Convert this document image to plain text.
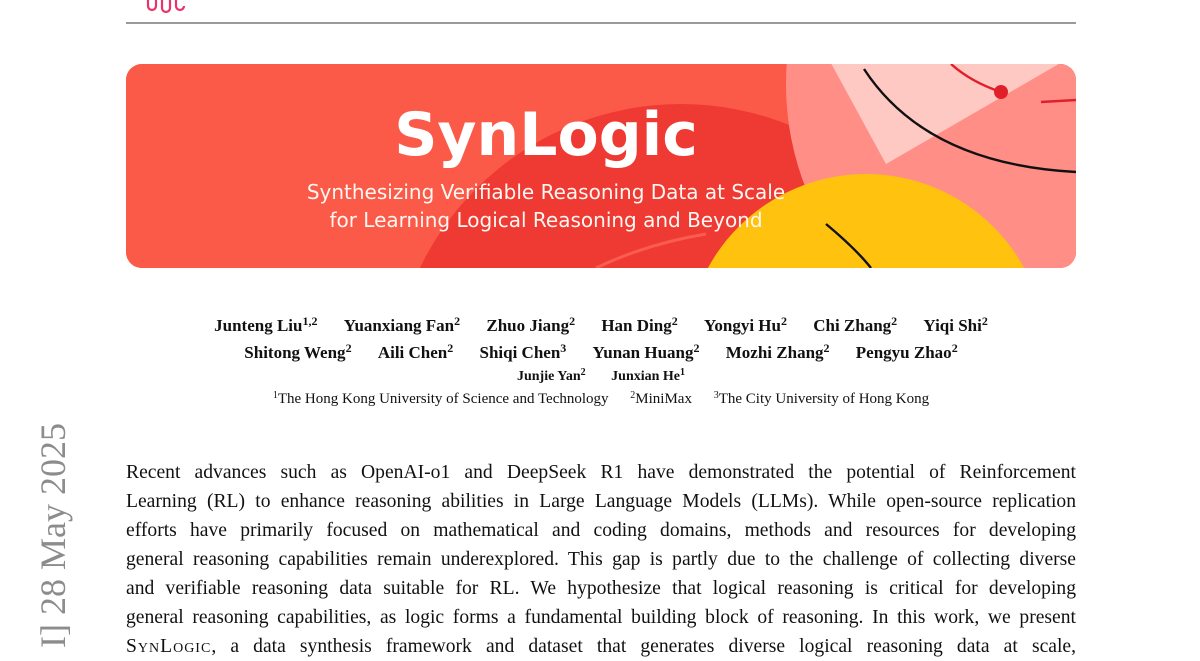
SynLogic
Synthesizing Verifiable Reasoning Data at Scale
for Learning Logical Reasoning and Beyond
Junteng Liu$^{1,2}$ Yuanxiang Fan$^2$ Zhuo Jiang$^2$ Han Ding$^2$ Yongyi Hu$^2$ Chi Zhang$^2$ Yiqi Shi$^2$
Shitong Weng$^2$ Aili Chen$^2$ Shiqi Chen$^3$ Yunan Huang$^2$ Mozhi Zhang$^2$ Pengyu Zhao$^2$
Junjie Yan$^2$ Junxian He$^1$
$^1$The Hong Kong University of Science and Technology $^2$MiniMax $^3$The City University of Hong Kong
I] 28 May 2025	Recent advances such as OpenAI-o1 and DeepSeek R1 have demonstrated the potential of Reinforcement
Learning (RL) to enhance reasoning abilities in Large Language Models (LLMs). While open-source replication
efforts have primarily focused on mathematical and coding domains, methods and resources for developing
general reasoning capabilities remain underexplored. This gap is partly due to the challenge of collecting diverse
and verifiable reasoning data suitable for RL. We hypothesize that logical reasoning is critical for developing
general reasoning capabilities, as logic forms a fundamental building block of reasoning. In this work, we present
SynLogic, a data synthesis framework and dataset that generates diverse logical reasoning data at scale,
